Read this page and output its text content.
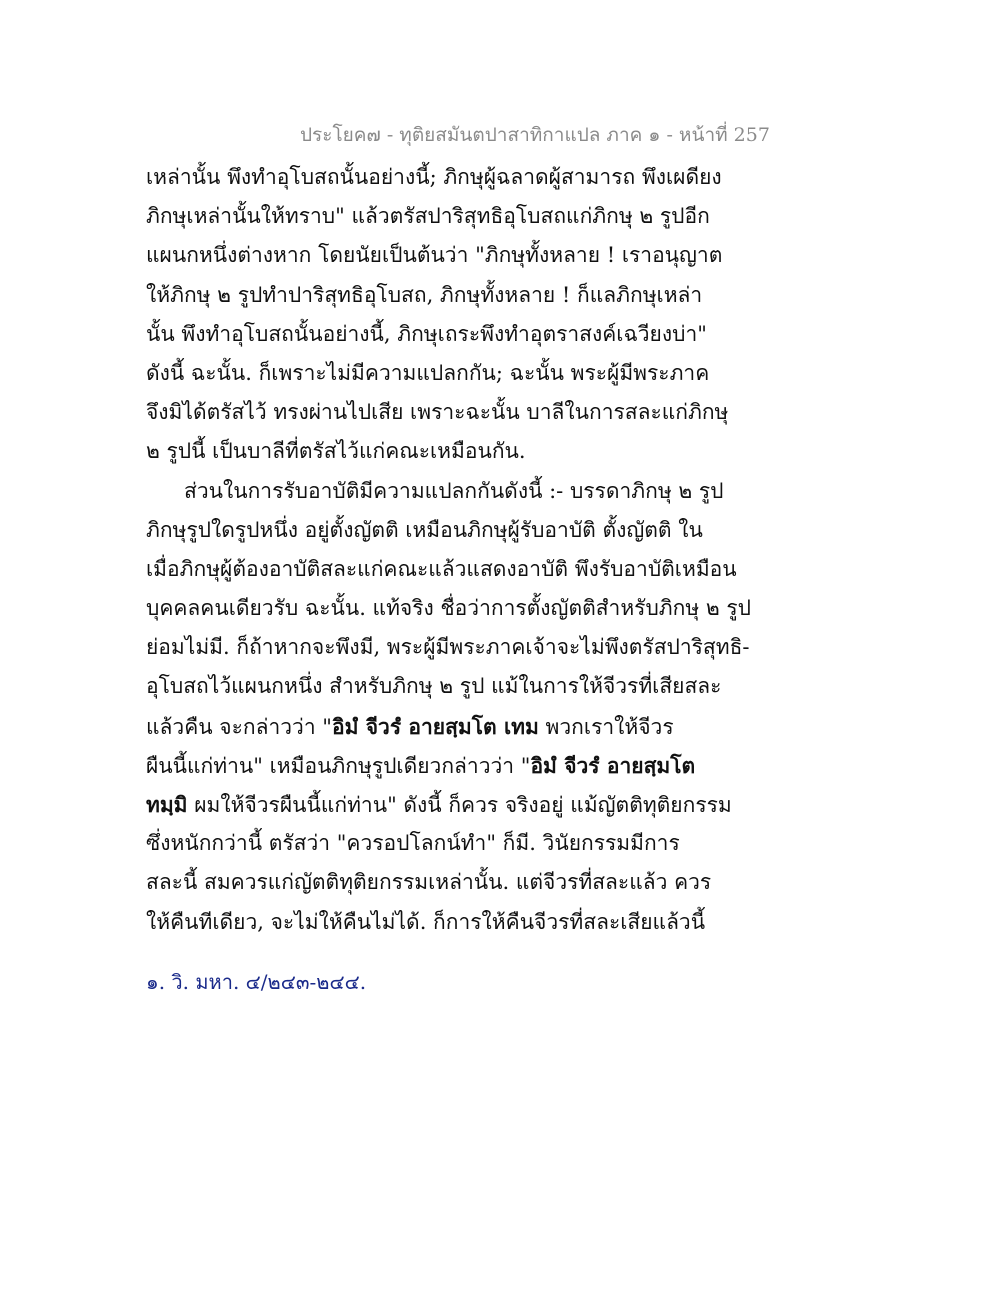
ประโยค๗ - ทุติยสมันตปาสาทิกาแปล ภาค ๑ - หน้าที่ 257
เหล่านั้น พึงทำอุโบสถนั้นอย่างนี้; ภิกษุผู้ฉลาดผู้สามารถ พึงเผดียง
ภิกษุเหล่านั้นให้ทราบ" แล้วตรัสปาริสุทธิอุโบสถแก่ภิกษุ ๒ รูปอีก
แผนกหนึ่งต่างหาก โดยนัยเป็นต้นว่า "ภิกษุทั้งหลาย ! เราอนุญาต
ให้ภิกษุ ๒ รูปทำปาริสุทธิอุโบสถ, ภิกษุทั้งหลาย ! ก็แลภิกษุเหล่า
นั้น พึงทำอุโบสถนั้นอย่างนี้, ภิกษุเถระพึงทำอุตราสงค์เฉวียงบ่า"
ดังนี้ ฉะนั้น. ก็เพราะไม่มีความแปลกกัน; ฉะนั้น พระผู้มีพระภาค
จึงมิได้ตรัสไว้ ทรงผ่านไปเสีย เพราะฉะนั้น บาลีในการสละแก่ภิกษุ
๒ รูปนี้ เป็นบาลีที่ตรัสไว้แก่คณะเหมือนกัน.
ส่วนในการรับอาบัติมีความแปลกกันดังนี้ :- บรรดาภิกษุ ๒ รูป
ภิกษุรูปใดรูปหนึ่ง อยู่ตั้งญัตติ เหมือนภิกษุผู้รับอาบัติ ตั้งญัตติ ใน
เมื่อภิกษุผู้ต้องอาบัติสละแก่คณะแล้วแสดงอาบัติ พึงรับอาบัติเหมือน
บุคคลคนเดียวรับ ฉะนั้น. แท้จริง ชื่อว่าการตั้งญัตติสำหรับภิกษุ ๒ รูป
ย่อมไม่มี. ก็ถ้าหากจะพึงมี, พระผู้มีพระภาคเจ้าจะไม่พึงตรัสปาริสุทธิ-
อุโบสถไว้แผนกหนึ่ง สำหรับภิกษุ ๒ รูป แม้ในการให้จีวรที่เสียสละ
แล้วคืน จะกล่าวว่า "อิมํ จีวรํ อายสฺมโต เทม พวกเราให้จีวร
ผืนนี้แก่ท่าน" เหมือนภิกษุรูปเดียวกล่าวว่า "อิมํ จีวรํ อายสฺมโต
ทมฺมิ ผมให้จีวรผืนนี้แก่ท่าน" ดังนี้ ก็ควร จริงอยู่ แม้ญัตติทุติยกรรม
ซึ่งหนักกว่านี้ ตรัสว่า "ควรอปโลกน์ทำ" ก็มี. วินัยกรรมมีการ
สละนี้ สมควรแก่ญัตติทุติยกรรมเหล่านั้น. แต่จีวรที่สละแล้ว ควร
ให้คืนทีเดียว, จะไม่ให้คืนไม่ได้. ก็การให้คืนจีวรที่สละเสียแล้วนี้
๑. วิ. มหา. ๔/๒๔๓-๒๔๔.
